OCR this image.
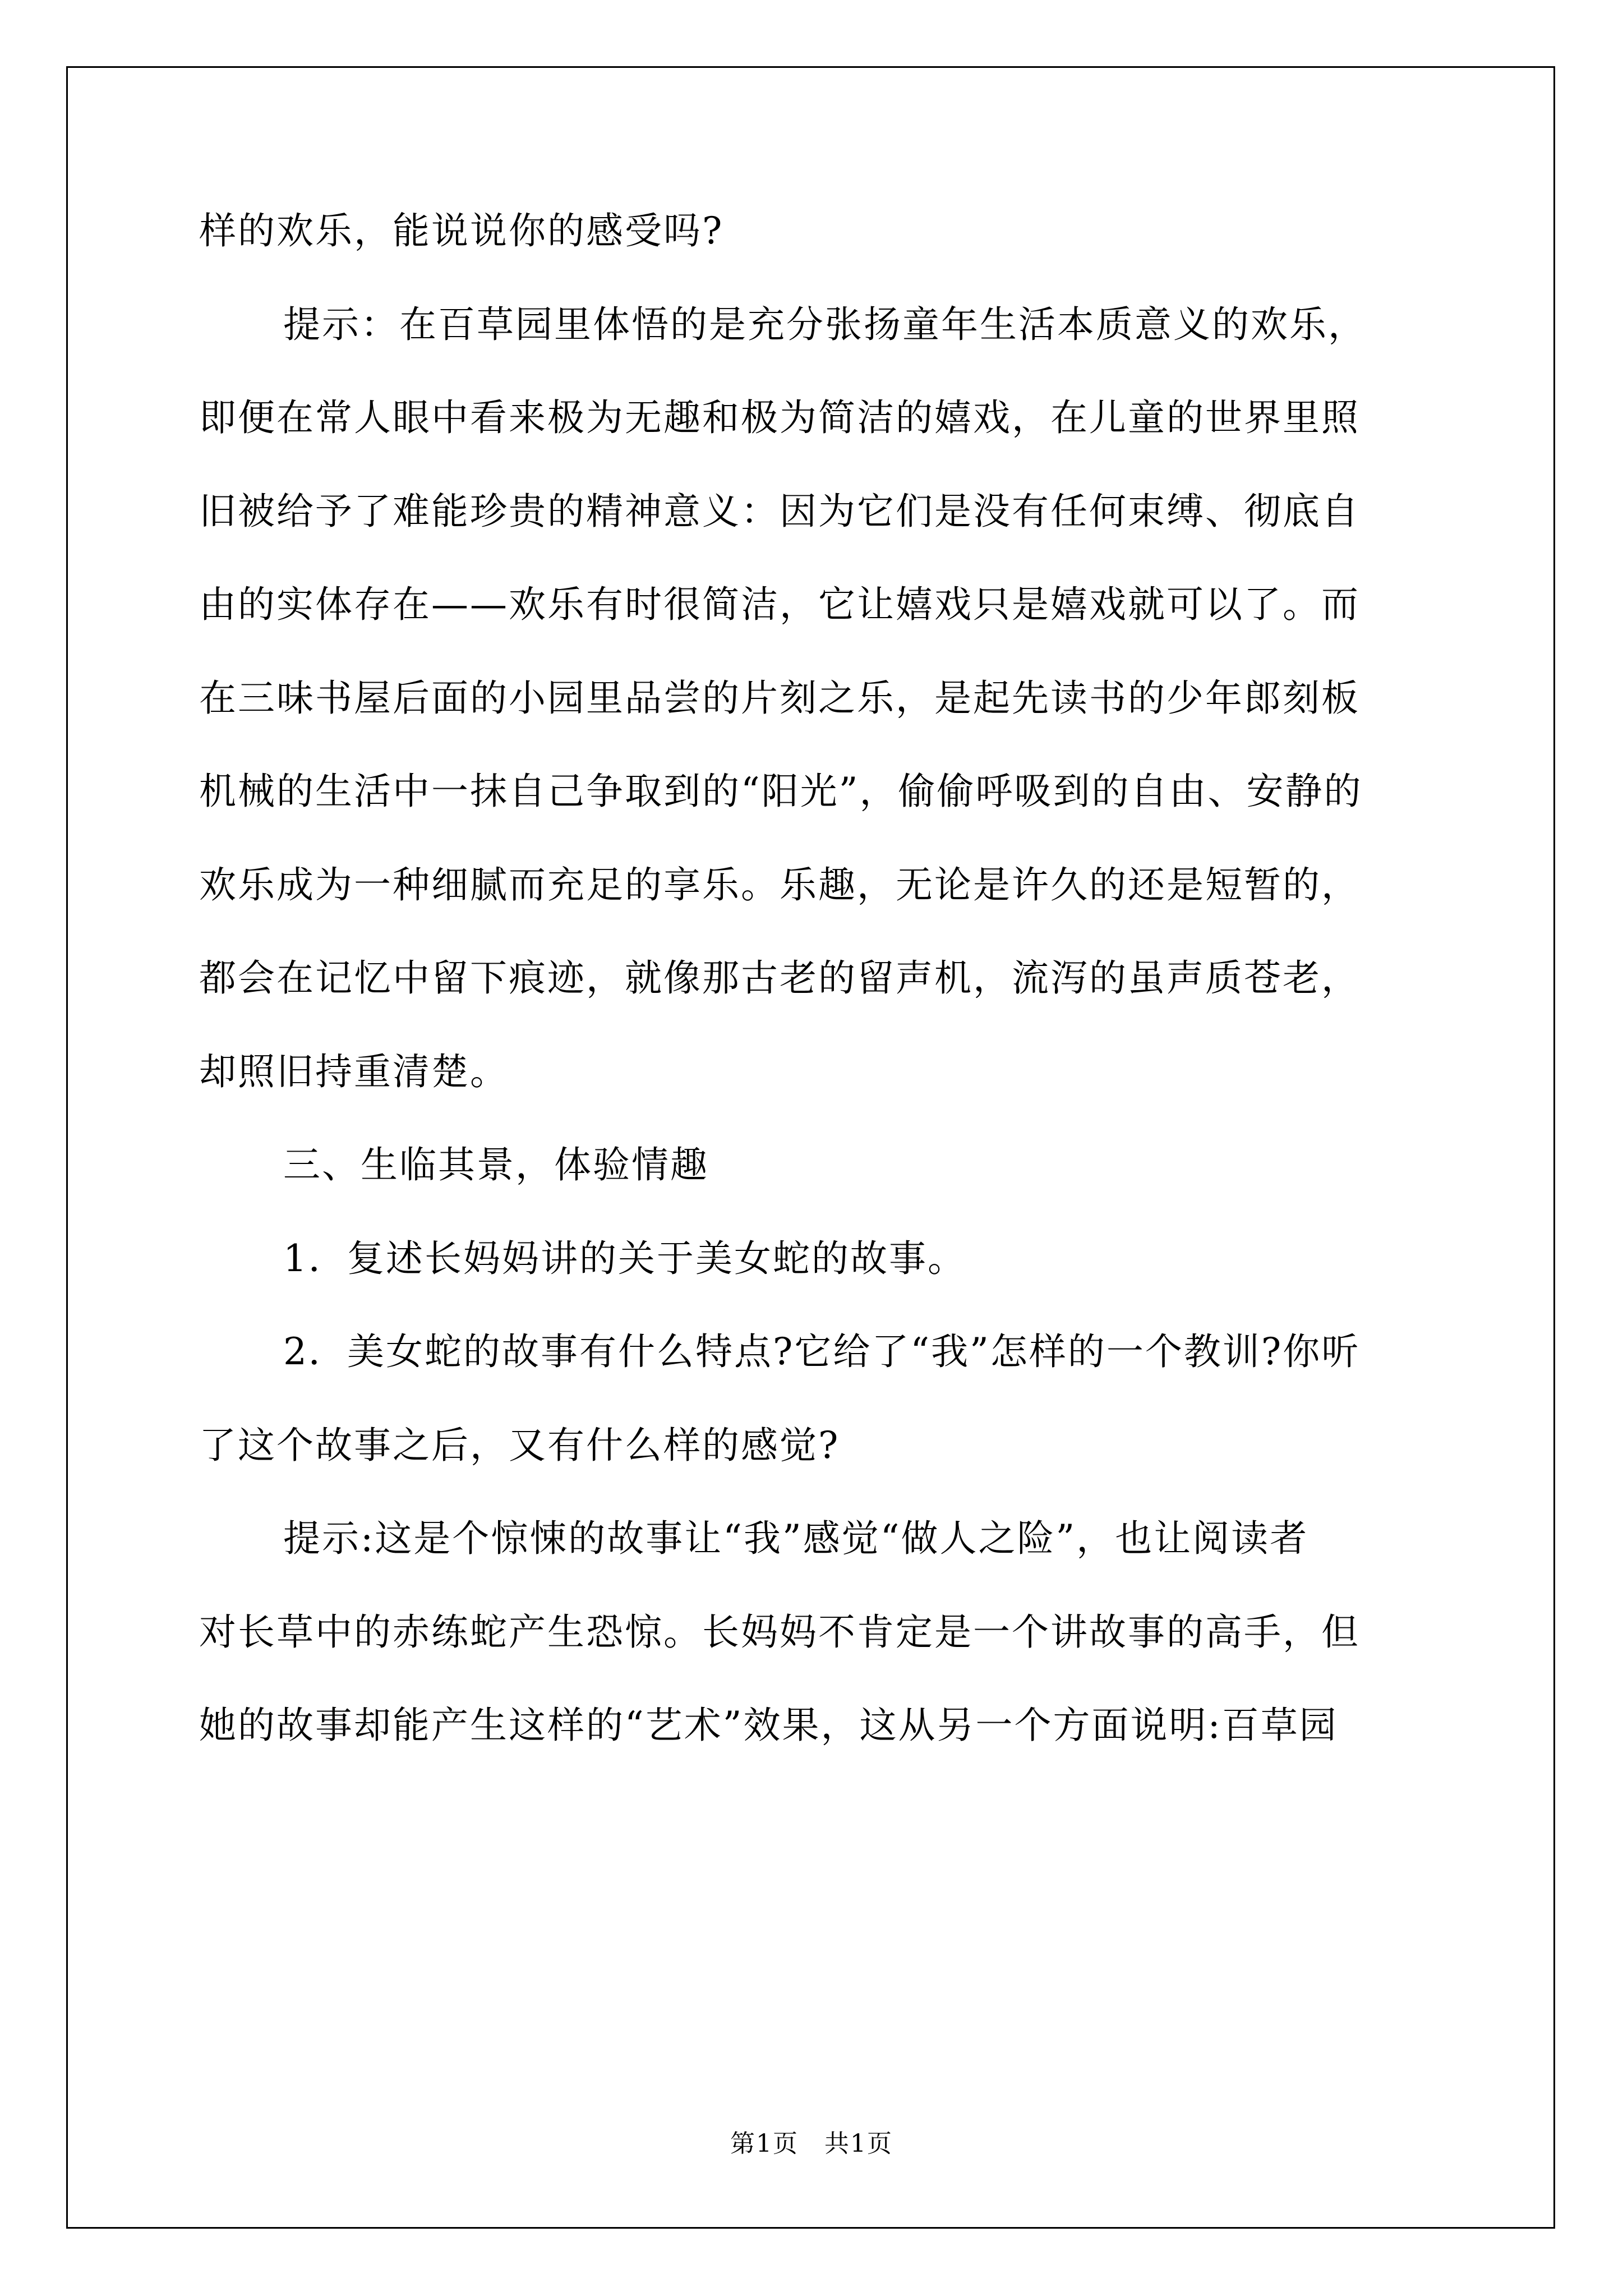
样的欢乐，能说说你的感受吗?
提示：在百草园里体悟的是充分张扬童年生活本质意义的欢乐，
即便在常人眼中看来极为无趣和极为简洁的嬉戏，在儿童的世界里照
旧被给予了难能珍贵的精神意义：因为它们是没有任何束缚、彻底自
由的实体存在——欢乐有时很简洁，它让嬉戏只是嬉戏就可以了。而
在三味书屋后面的小园里品尝的片刻之乐，是起先读书的少年郎刻板
机械的生活中一抹自己争取到的“阳光”，偷偷呼吸到的自由、安静的
欢乐成为一种细腻而充足的享乐。乐趣，无论是许久的还是短暂的，
都会在记忆中留下痕迹，就像那古老的留声机，流泻的虽声质苍老，
却照旧持重清楚。
三、生临其景，体验情趣
1．复述长妈妈讲的关于美女蛇的故事。
2．美女蛇的故事有什么特点?它给了“我”怎样的一个教训?你听
了这个故事之后，又有什么样的感觉?
提示:这是个惊悚的故事让“我”感觉“做人之险”，也让阅读者
对长草中的赤练蛇产生恐惊。长妈妈不肯定是一个讲故事的高手，但
她的故事却能产生这样的“艺术”效果，这从另一个方面说明:百草园
第1页　共1页
